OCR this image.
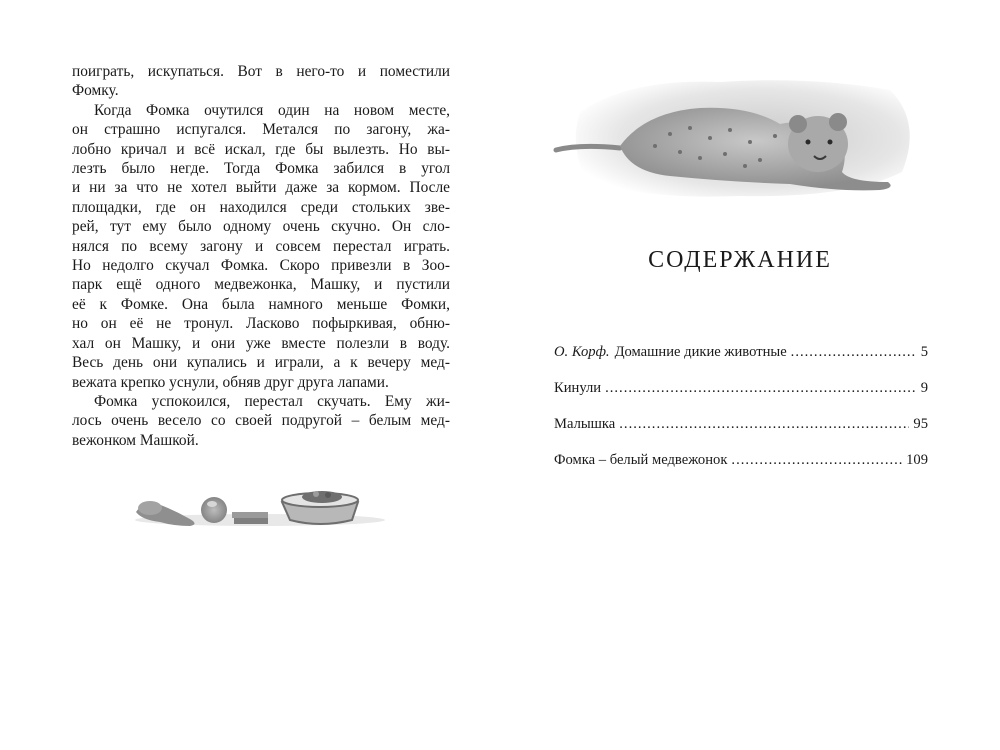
поиграть, искупаться. Вот в него-то и поместили
Фомку.
Когда Фомка очутился один на новом месте,
он страшно испугался. Метался по загону, жа-
лобно кричал и всё искал, где бы вылезть. Но вы-
лезть было негде. Тогда Фомка забился в угол
и ни за что не хотел выйти даже за кормом. После
площадки, где он находился среди стольких зве-
рей, тут ему было одному очень скучно. Он сло-
нялся по всему загону и совсем перестал играть.
Но недолго скучал Фомка. Скоро привезли в Зоо-
парк ещё одного медвежонка, Машку, и пустили
её к Фомке. Она была намного меньше Фомки,
но он её не тронул. Ласково пофыркивая, обню-
хал он Машку, и они уже вместе полезли в воду.
Весь день они купались и играли, а к вечеру мед-
вежата крепко уснули, обняв друг друга лапами.
Фомка успокоился, перестал скучать. Ему жи-
лось очень весело со своей подругой – белым мед-
вежонком Машкой.
СОДЕРЖАНИЕ
О. Корф. Домашние дикие животные .....	5
Кинули .....	9
Малышка .....	95
Фомка – белый медвежонок .....	109
